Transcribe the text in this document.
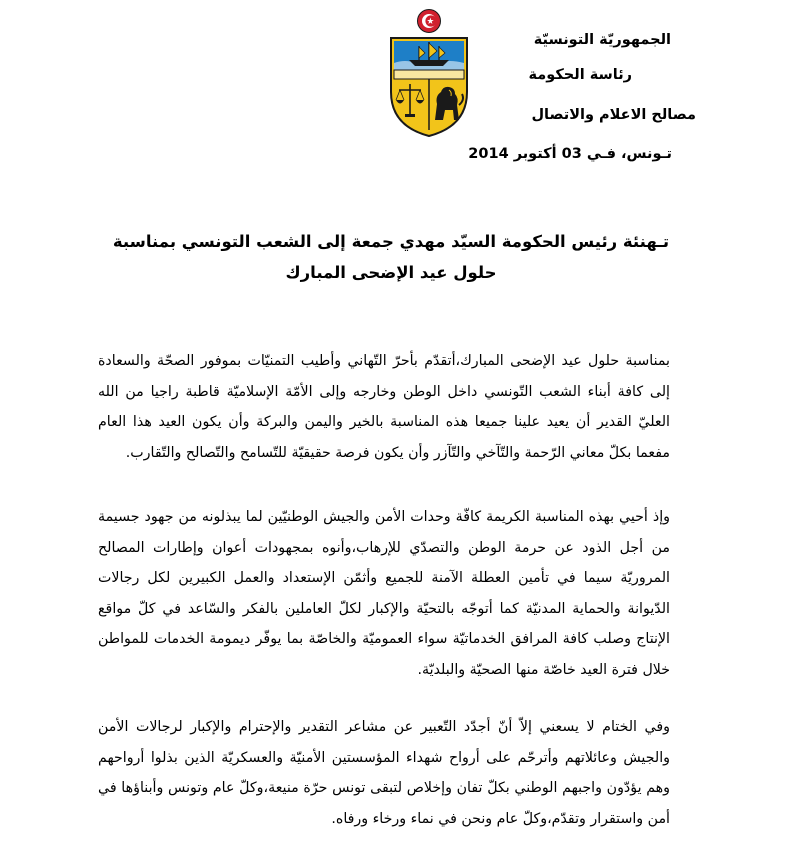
الجمهوريّة التونسيّة
رئاسة الحكومة
مصالح الاعلام والاتصال
تـونس، فـي 03 أكتوبر 2014
تـهنئة رئيس الحكومة السيّد مهدي جمعة إلى الشعب التونسي بمناسبة
حلول عيد الإضحى المبارك

بمناسبة حلول عيد الإضحى المبارك،أتقدّم بأحرّ التّهاني وأطيب التمنيّات بموفور الصحّة والسعادة إلى كافة أبناء الشعب التّونسي داخل الوطن وخارجه وإلى الأمّة الإسلاميّة قاطبة راجيا من الله العليّ القدير أن يعيد علينا جميعا هذه المناسبة بالخير واليمن والبركة وأن يكون العيد هذا العام مفعما بكلّ معاني الرّحمة والتّآخي والتّآزر وأن يكون فرصة حقيقيّة للتّسامح والتّصالح والتّقارب.

وإذ أحيي بهذه المناسبة الكريمة كافّة وحدات الأمن والجيش الوطنيّين لما يبذلونه من جهود جسيمة من أجل الذود عن حرمة الوطن والتصدّي للإرهاب،وأنوه بمجهودات أعوان وإطارات المصالح المروريّة سيما في تأمين العطلة الآمنة للجميع وأثمّن الإستعداد والعمل الكبيرين لكل رجالات الدّيوانة والحماية المدنيّة كما أتوجّه بالتحيّة والإكبار لكلّ العاملين بالفكر والسّاعد في كلّ مواقع الإنتاج وصلب كافة المرافق الخدماتيّة سواء العموميّة والخاصّة بما يوفّر ديمومة الخدمات للمواطن خلال فترة العيد خاصّة منها الصحيّة والبلديّة.

وفي الختام لا يسعني إلاّ أنّ أجدّد التّعبير عن مشاعر التقدير والإحترام والإكبار لرجالات الأمن والجيش وعائلاتهم وأترحّم على أرواح شهداء المؤسستين الأمنيّة والعسكريّة الذين بذلوا أرواحهم وهم يؤدّون واجبهم الوطني بكلّ تفان وإخلاص لتبقى تونس حرّة منيعة،وكلّ عام وتونس وأبناؤها في أمن واستقرار وتقدّم،وكلّ عام ونحن في نماء ورخاء ورفاه.
